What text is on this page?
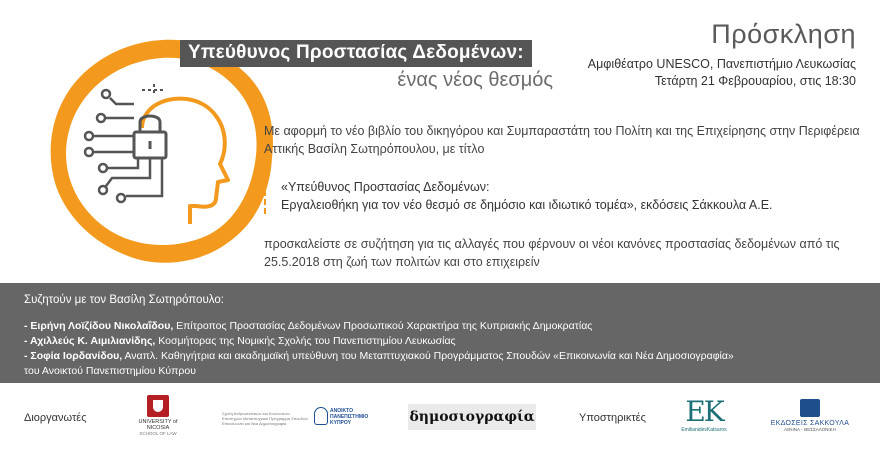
Υπεύθυνος Προστασίας Δεδομένων:
ένας νέος θεσμός
Πρόσκληση
Αμφιθέατρο UNESCO, Πανεπιστήμιο Λευκωσίας
Τετάρτη 21 Φεβρουαρίου, στις 18:30
Με αφορμή το νέο βιβλίο του δικηγόρου και Συμπαραστάτη του Πολίτη και της Επιχείρησης στην Περιφέρεια Αττικής Βασίλη Σωτηρόπουλου, με τίτλο
«Υπεύθυνος Προστασίας Δεδομένων:
Εργαλειοθήκη για τον νέο θεσμό σε δημόσιο και ιδιωτικό τομέα», εκδόσεις Σάκκουλα Α.Ε.
προσκαλείστε σε συζήτηση για τις αλλαγές που φέρνουν οι νέοι κανόνες προστασίας δεδομένων από τις 25.5.2018 στη ζωή των πολιτών και στο επιχειρείν
Συζητούν με τον Βασίλη Σωτηρόπουλο:
- Ειρήνη Λοϊζίδου Νικολαΐδου, Επίτροπος Προστασίας Δεδομένων Προσωπικού Χαρακτήρα της Κυπριακής Δημοκρατίας
- Αχιλλεύς Κ. Αιμιλιανίδης, Κοσμήτορας της Νομικής Σχολής του Πανεπιστημίου Λευκωσίας
- Σοφία Ιορδανίδου, Αναπλ. Καθηγήτρια και ακαδημαϊκή υπεύθυνη του Μεταπτυχιακού Προγράμματος Σπουδών «Επικοινωνία και Νέα Δημοσιογραφία»
του Ανοικτού Πανεπιστημίου Κύπρου
Διοργανωτές	UNIVERSITY of NICOSIA
SCHOOL OF LAW
Σχολή Ανθρωπιστικών και Κοινωνικών Επιστημών Μεταπτυχιακό Πρόγραμμα Σπουδών Επικοινωνία και Νέα Δημοσιογραφία
ΑΝΟΙΚΤΟ ΠΑΝΕΠΙΣΤΗΜΙΟ ΚΥΠΡΟΥ	δημοσιογραφία	Υποστηρικτές EK
EmilianidesKatsaros
ΕΚΔΟΣΕΙΣ ΣΑΚΚΟΥΛΑ
ΑΘΗΝΑ - ΘΕΣΣΑΛΟΝΙΚΗ
